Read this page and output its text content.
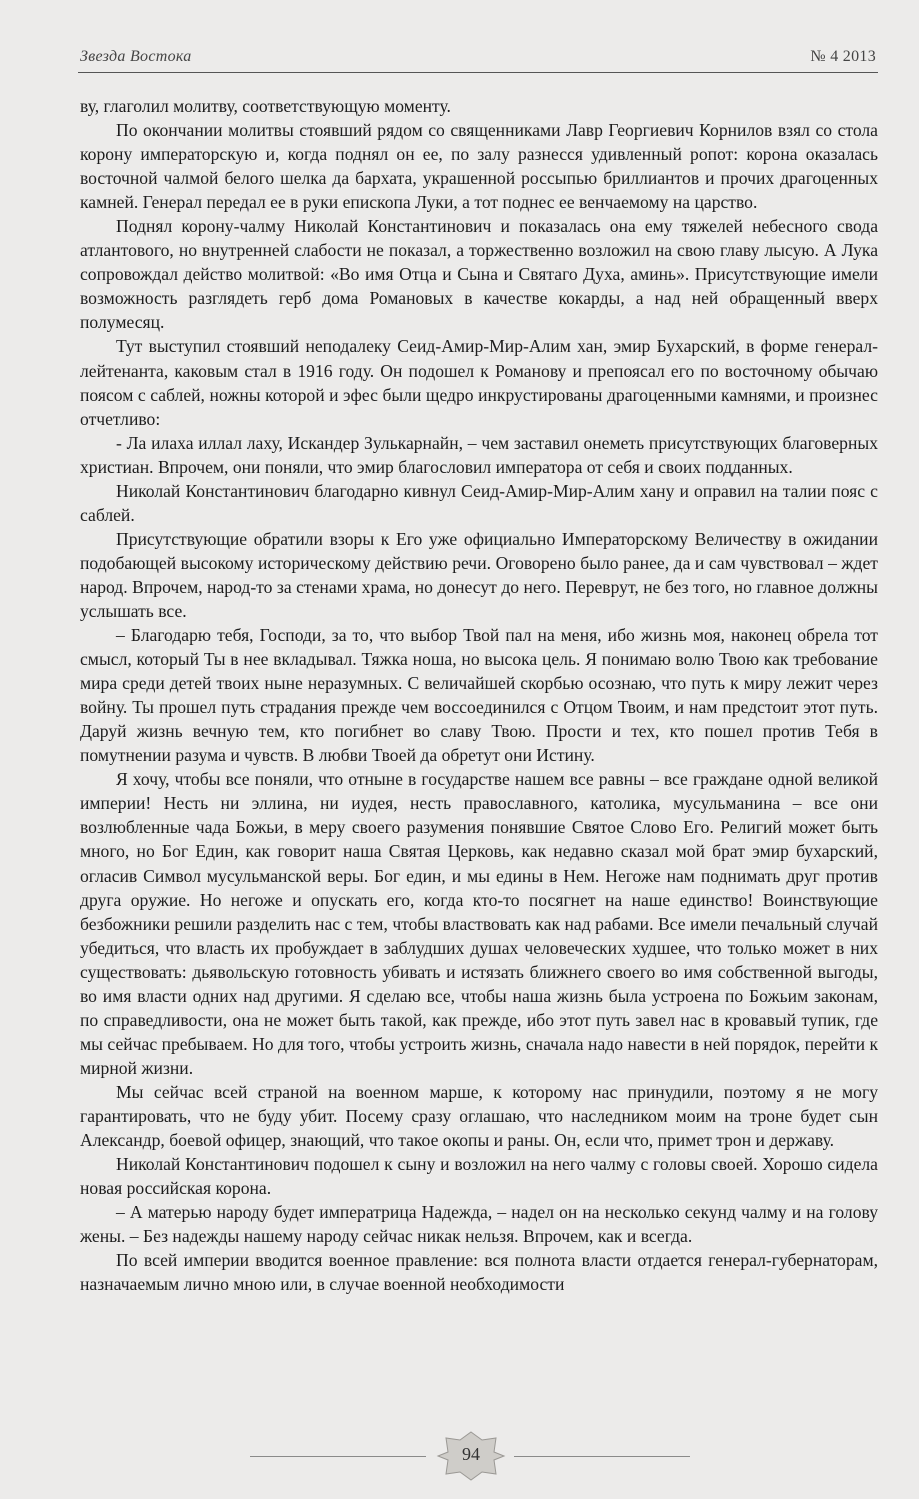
Звезда Востока	№ 4 2013

ву, глаголил молитву, соответствующую моменту.

По окончании молитвы стоявший рядом со священниками Лавр Георгиевич Корнилов взял со стола корону императорскую и, когда поднял он ее, по залу разнесся удивленный ропот: корона оказалась восточной чалмой белого шелка да бархата, украшенной россыпью бриллиантов и прочих драгоценных камней. Генерал передал ее в руки епископа Луки, а тот поднес ее венчаемому на царство.

Поднял корону-чалму Николай Константинович и показалась она ему тяжелей небесного свода атлантового, но внутренней слабости не показал, а торжественно возложил на свою главу лысую. А Лука сопровождал действо молитвой: «Во имя Отца и Сына и Святаго Духа, аминь». Присутствующие имели возможность разглядеть герб дома Романовых в качестве кокарды, а над ней обращенный вверх полумесяц.

Тут выступил стоявший неподалеку Сеид-Амир-Мир-Алим хан, эмир Бухарский, в форме генерал-лейтенанта, каковым стал в 1916 году. Он подошел к Романову и препоясал его по восточному обычаю поясом с саблей, ножны которой и эфес были щедро инкрустированы драгоценными камнями, и произнес отчетливо:

- Ла илаха иллал лаху, Искандер Зулькарнайн, – чем заставил онеметь присутствующих благоверных христиан. Впрочем, они поняли, что эмир благословил императора от себя и своих подданных.

Николай Константинович благодарно кивнул Сеид-Амир-Мир-Алим хану и оправил на талии пояс с саблей.

Присутствующие обратили взоры к Его уже официально Императорскому Величеству в ожидании подобающей высокому историческому действию речи. Оговорено было ранее, да и сам чувствовал – ждет народ. Впрочем, народ-то за стенами храма, но донесут до него. Переврут, не без того, но главное должны услышать все.

– Благодарю тебя, Господи, за то, что выбор Твой пал на меня, ибо жизнь моя, наконец обрела тот смысл, который Ты в нее вкладывал. Тяжка ноша, но высока цель. Я понимаю волю Твою как требование мира среди детей твоих ныне неразумных. С величайшей скорбью осознаю, что путь к миру лежит через войну. Ты прошел путь страдания прежде чем воссоединился с Отцом Твоим, и нам предстоит этот путь. Даруй жизнь вечную тем, кто погибнет во славу Твою. Прости и тех, кто пошел против Тебя в помутнении разума и чувств. В любви Твоей да обретут они Истину.

Я хочу, чтобы все поняли, что отныне в государстве нашем все равны – все граждане одной великой империи! Несть ни эллина, ни иудея, несть православного, католика, мусульманина – все они возлюбленные чада Божьи, в меру своего разумения понявшие Святое Слово Его. Религий может быть много, но Бог Един, как говорит наша Святая Церковь, как недавно сказал мой брат эмир бухарский, огласив Символ мусульманской веры. Бог един, и мы едины в Нем. Негоже нам поднимать друг против друга оружие. Но негоже и опускать его, когда кто-то посягнет на наше единство! Воинствующие безбожники решили разделить нас с тем, чтобы властвовать как над рабами. Все имели печальный случай убедиться, что власть их пробуждает в заблудших душах человеческих худшее, что только может в них существовать: дьявольскую готовность убивать и истязать ближнего своего во имя собственной выгоды, во имя власти одних над другими. Я сделаю все, чтобы наша жизнь была устроена по Божьим законам, по справедливости, она не может быть такой, как прежде, ибо этот путь завел нас в кровавый тупик, где мы сейчас пребываем. Но для того, чтобы устроить жизнь, сначала надо навести в ней порядок, перейти к мирной жизни.

Мы сейчас всей страной на военном марше, к которому нас принудили, поэтому я не могу гарантировать, что не буду убит. Посему сразу оглашаю, что наследником моим на троне будет сын Александр, боевой офицер, знающий, что такое окопы и раны. Он, если что, примет трон и державу.

Николай Константинович подошел к сыну и возложил на него чалму с головы своей. Хорошо сидела новая российская корона.

– А матерью народу будет императрица Надежда, – надел он на несколько секунд чалму и на голову жены. – Без надежды нашему народу сейчас никак нельзя. Впрочем, как и всегда.

По всей империи вводится военное правление: вся полнота власти отдается генерал-губернаторам, назначаемым лично мною или, в случае военной необходимости

94
